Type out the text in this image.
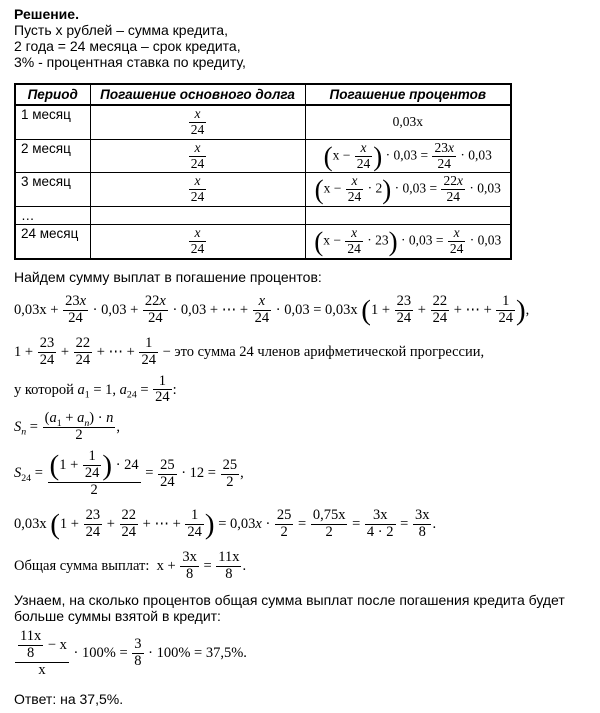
Решение.
Пусть x рублей – сумма кредита,
2 года = 24 месяца – срок кредита,
3% - процентная ставка по кредиту,
Период	Погашение основного долга	Погашение процентов
1 месяц	$\frac{x}{24}$	0,03x
2 месяц	$\frac{x}{24}$	($x - \frac{x}{24}$ ) · $0,03 = \frac{23x}{24} \cdot 0,03$
3 месяц	$\frac{x}{24}$	$(x - \frac{x}{24} \cdot 2) \cdot 0,03 = \frac{22x}{24} \cdot 0,03$
…		
24 месяц	$\frac{x}{24}$	$(x - \frac{x}{24} \cdot 23) \cdot 0,03 = \frac{x}{24} \cdot 0,03$
Найдем сумму выплат в погашение процентов:
$0,03x + \frac{23x}{24} \cdot 0,03 + \frac{22x}{24} \cdot 0,03$ + ⋯ + $\frac{x}{24} \cdot 0,03 = 0,03x$ ($1 + \frac{23}{24} + \frac{22}{24}$ + ⋯ + $\frac{1}{24}$ ),
$1 + \frac{23}{24} + \frac{22}{24}$ + ⋯ + $\frac{1}{24}$ − это сумма 24 членов арифметической прогрессии,
у которой $a_1 = 1$, $a_{24} = \frac{1}{24}$ :
$S_n = \frac{(a_1 + a_n) \cdot n}{2}$ ,
$S_{24} = \frac{(1 + \frac{1}{24} ) \cdot 24}{2} = \frac{25}{24} \cdot 12 = \frac{25}{2}$ ,
0,03x ($1 + \frac{23}{24} + \frac{22}{24}$ + ⋯ + $\frac{1}{24}$ ) = $0,03x \cdot \frac{25}{2} = \frac{0,75x}{2} = \frac{3x}{4 \cdot 2} = \frac{3x}{8}$ .
Общая сумма выплат:  $x + \frac{3x}{8} = \frac{11x}{8}$ .
Узнаем, на сколько процентов общая сумма выплат после погашения кредита будет больше суммы взятой в кредит:
$\frac{\frac{11x}{8} - x}{x} \cdot 100\% = \frac{3}{8} \cdot 100\% = 37,5\%$.
Ответ: на 37,5%.
